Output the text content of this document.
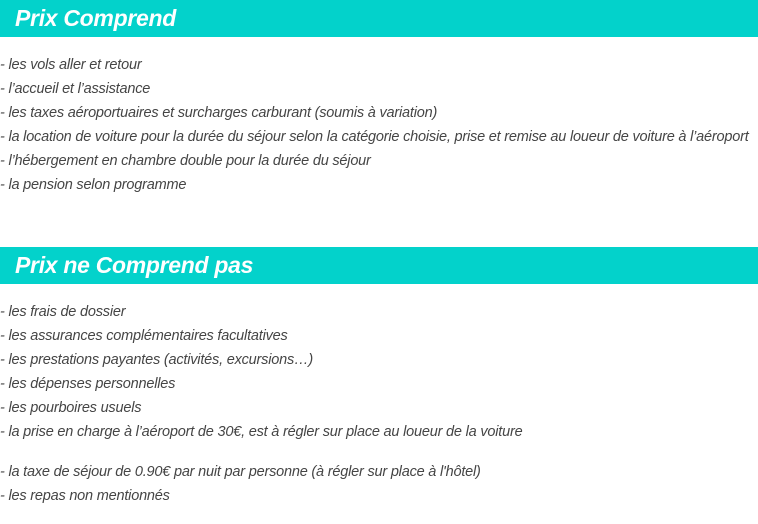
Prix Comprend
- les vols aller et retour
- l’accueil et l’assistance
- les taxes aéroportuaires et surcharges carburant (soumis à variation)
- la location de voiture pour la durée du séjour selon la catégorie choisie, prise et remise au loueur de voiture à l’aéroport
- l’hébergement en chambre double pour la durée du séjour
- la pension selon programme
Prix ne Comprend pas
- les frais de dossier
- les assurances complémentaires facultatives
- les prestations payantes (activités, excursions…)
- les dépenses personnelles
- les pourboires usuels
- la prise en charge à l’aéroport de 30€, est à régler sur place au loueur de la voiture
- la taxe de séjour de 0.90€ par nuit par personne (à régler sur place à l'hôtel)
- les repas non mentionnés
